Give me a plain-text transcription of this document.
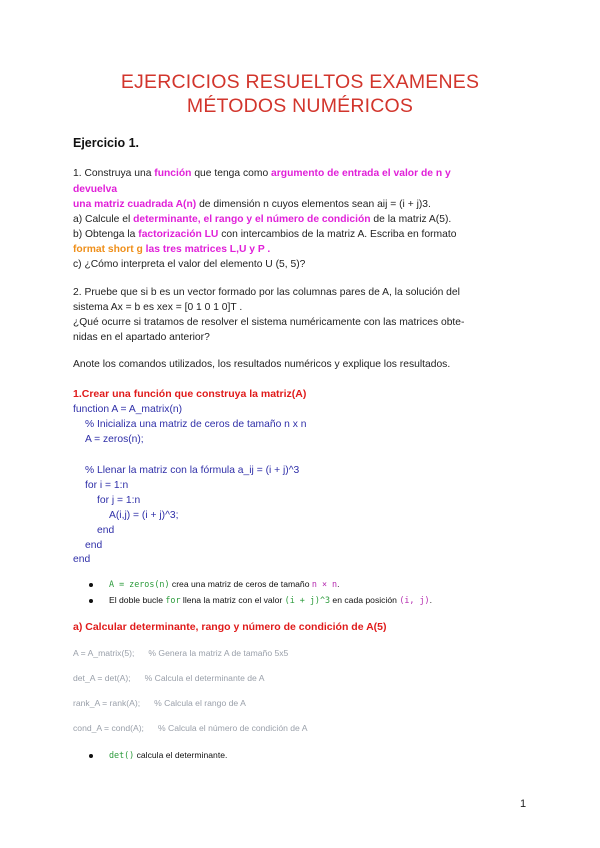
EJERCICIOS RESUELTOS EXAMENES
MÉTODOS NUMÉRICOS
Ejercicio 1.
1. Construya una función que tenga como argumento de entrada el valor de n y
devuelva
una matriz cuadrada A(n) de dimensión n cuyos elementos sean aij = (i + j)3.
a) Calcule el determinante, el rango y el número de condición de la matriz A(5).
b) Obtenga la factorización LU con intercambios de la matriz A. Escriba en formato
format short g las tres matrices L,U y P .
c) ¿Cómo interpreta el valor del elemento U (5, 5)?
2. Pruebe que si b es un vector formado por las columnas pares de A, la solución del
sistema Ax = b es xex = [0 1 0 1 0]T .
¿Qué ocurre si tratamos de resolver el sistema numéricamente con las matrices obte-
nidas en el apartado anterior?
Anote los comandos utilizados, los resultados numéricos y explique los resultados.
1.Crear una función que construya la matriz(A)
function A = A_matrix(n)
% Inicializa una matriz de ceros de tamaño n x n
A = zeros(n);
% Llenar la matriz con la fórmula a_ij = (i + j)^3
for i = 1:n
for j = 1:n
A(i,j) = (i + j)^3;
end
end
end
A = zeros(n) crea una matriz de ceros de tamaño n × n.
El doble bucle for llena la matriz con el valor (i + j)^3 en cada posición (i, j).
a) Calcular determinante, rango y número de condición de A(5)
A = A_matrix(5); % Genera la matriz A de tamaño 5x5
det_A = det(A); % Calcula el determinante de A
rank_A = rank(A); % Calcula el rango de A
cond_A = cond(A); % Calcula el número de condición de A
det() calcula el determinante.
1
